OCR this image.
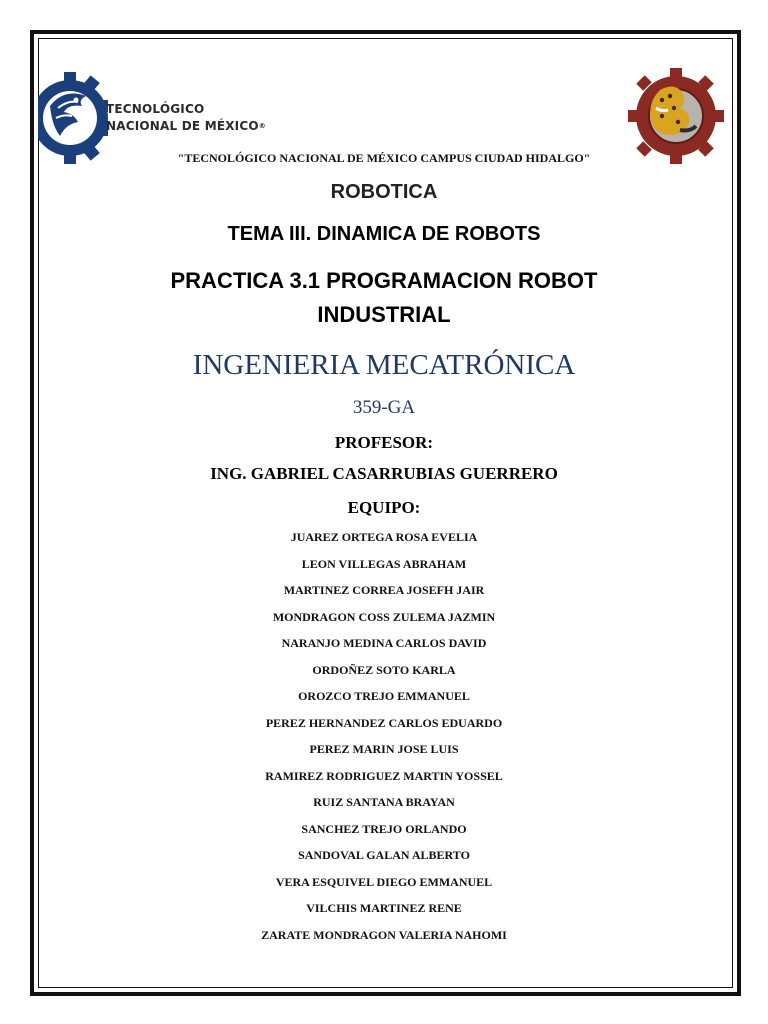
TECNOLÓGICO
NACIONAL DE MÉXICO®
"TECNOLÓGICO NACIONAL DE MÉXICO CAMPUS CIUDAD HIDALGO"
ROBOTICA
TEMA III. DINAMICA DE ROBOTS
PRACTICA 3.1 PROGRAMACION ROBOT
INDUSTRIAL
INGENIERIA MECATRÓNICA
359-GA
PROFESOR:
ING. GABRIEL CASARRUBIAS GUERRERO
EQUIPO:
JUAREZ ORTEGA ROSA EVELIA
LEON VILLEGAS ABRAHAM
MARTINEZ CORREA JOSEFH JAIR
MONDRAGON COSS ZULEMA JAZMIN
NARANJO MEDINA CARLOS DAVID
ORDOÑEZ SOTO KARLA
OROZCO TREJO EMMANUEL
PEREZ HERNANDEZ CARLOS EDUARDO
PEREZ MARIN JOSE LUIS
RAMIREZ RODRIGUEZ MARTIN YOSSEL
RUIZ SANTANA BRAYAN
SANCHEZ TREJO ORLANDO
SANDOVAL GALAN ALBERTO
VERA ESQUIVEL DIEGO EMMANUEL
VILCHIS MARTINEZ RENE
ZARATE MONDRAGON VALERIA NAHOMI
